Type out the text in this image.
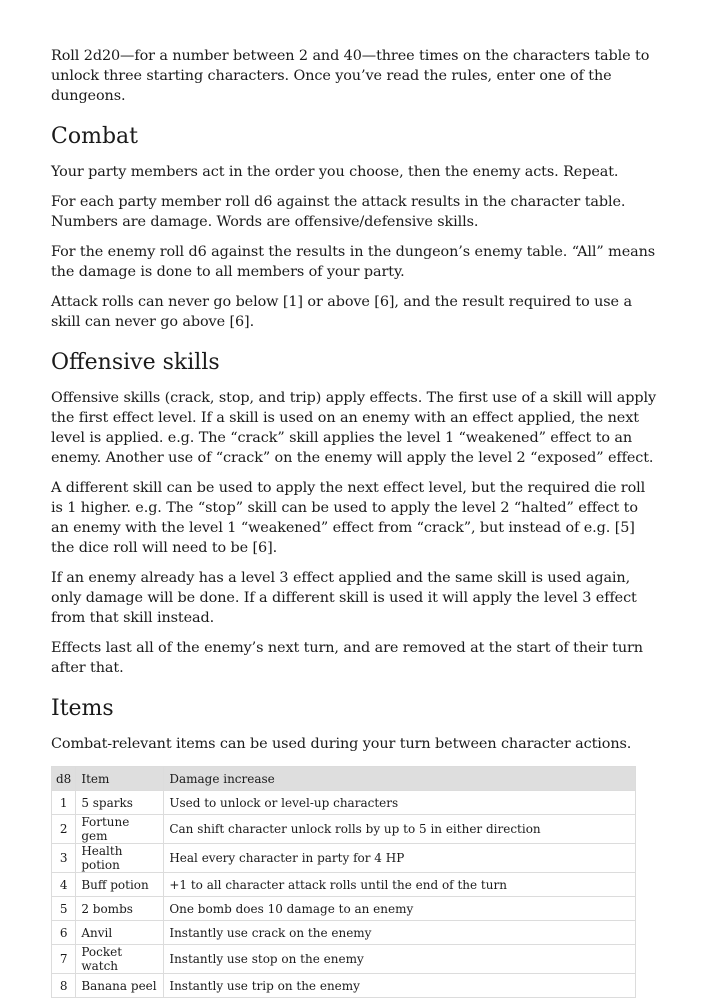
Roll 2d20—for a number between 2 and 40—three times on the characters table to unlock three starting characters. Once you’ve read the rules, enter one of the dungeons.

Combat

Your party members act in the order you choose, then the enemy acts. Repeat.

For each party member roll d6 against the attack results in the character table. Numbers are damage. Words are offensive/defensive skills.

For the enemy roll d6 against the results in the dungeon’s enemy table. “All” means the damage is done to all members of your party.

Attack rolls can never go below [1] or above [6], and the result required to use a skill can never go above [6].

Offensive skills

Offensive skills (crack, stop, and trip) apply effects. The first use of a skill will apply the first effect level. If a skill is used on an enemy with an effect applied, the next level is applied. e.g. The “crack” skill applies the level 1 “weakened” effect to an enemy. Another use of “crack” on the enemy will apply the level 2 “exposed” effect.

A different skill can be used to apply the next effect level, but the required die roll is 1 higher. e.g. The “stop” skill can be used to apply the level 2 “halted” effect to an enemy with the level 1 “weakened” effect from “crack”, but instead of e.g. [5] the dice roll will need to be [6].

If an enemy already has a level 3 effect applied and the same skill is used again, only damage will be done. If a different skill is used it will apply the level 3 effect from that skill instead.

Effects last all of the enemy’s next turn, and are removed at the start of their turn after that.

Items

Combat-relevant items can be used during your turn between character actions.

d8	Item	Damage increase
1	5 sparks	Used to unlock or level-up characters
2	Fortune gem	Can shift character unlock rolls by up to 5 in either direction
3	Health potion	Heal every character in party for 4 HP
4	Buff potion	+1 to all character attack rolls until the end of the turn
5	2 bombs	One bomb does 10 damage to an enemy
6	Anvil	Instantly use crack on the enemy
7	Pocket watch	Instantly use stop on the enemy
8	Banana peel	Instantly use trip on the enemy
